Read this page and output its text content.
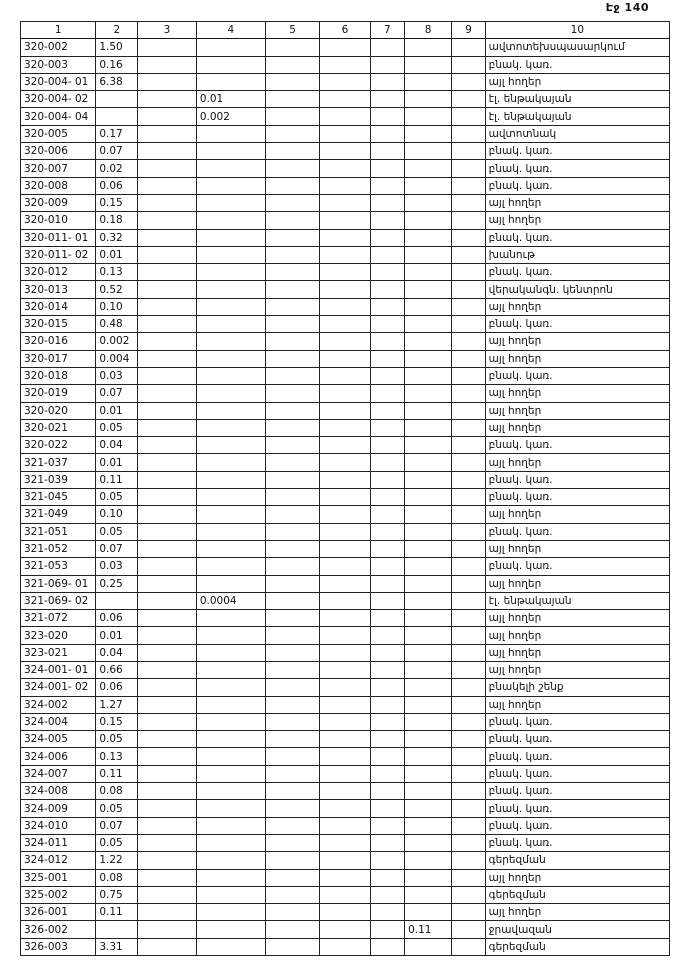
Էջ 140
1	2	3	4	5	6	7	8	9	10
320-002	1.50								ավտոտեխսպասարկում
320-003	0.16								բնակ. կառ.
320-004- 01	6.38								այլ հողեր
320-004- 02			0.01						էլ. ենթակայան
320-004- 04			0.002						էլ. ենթակայան
320-005	0.17								ավտոտնակ
320-006	0.07								բնակ. կառ.
320-007	0.02								բնակ. կառ.
320-008	0.06								բնակ. կառ.
320-009	0.15								այլ հողեր
320-010	0.18								այլ հողեր
320-011- 01	0.32								բնակ. կառ.
320-011- 02	0.01								խանութ
320-012	0.13								բնակ. կառ.
320-013	0.52								վերականգն. կենտրոն
320-014	0.10								այլ հողեր
320-015	0.48								բնակ. կառ.
320-016	0.002								այլ հողեր
320-017	0.004								այլ հողեր
320-018	0.03								բնակ. կառ.
320-019	0.07								այլ հողեր
320-020	0.01								այլ հողեր
320-021	0.05								այլ հողեր
320-022	0.04								բնակ. կառ.
321-037	0.01								այլ հողեր
321-039	0.11								բնակ. կառ.
321-045	0.05								բնակ. կառ.
321-049	0.10								այլ հողեր
321-051	0.05								բնակ. կառ.
321-052	0.07								այլ հողեր
321-053	0.03								բնակ. կառ.
321-069- 01	0.25								այլ հողեր
321-069- 02			0.0004						էլ. ենթակայան
321-072	0.06								այլ հողեր
323-020	0.01								այլ հողեր
323-021	0.04								այլ հողեր
324-001- 01	0.66								այլ հողեր
324-001- 02	0.06								բնակելի շենք
324-002	1.27								այլ հողեր
324-004	0.15								բնակ. կառ.
324-005	0.05								բնակ. կառ.
324-006	0.13								բնակ. կառ.
324-007	0.11								բնակ. կառ.
324-008	0.08								բնակ. կառ.
324-009	0.05								բնակ. կառ.
324-010	0.07								բնակ. կառ.
324-011	0.05								բնակ. կառ.
324-012	1.22								գերեզման
325-001	0.08								այլ հողեր
325-002	0.75								գերեզման
326-001	0.11								այլ հողեր
326-002							0.11		ջրավազան
326-003	3.31								գերեզման
